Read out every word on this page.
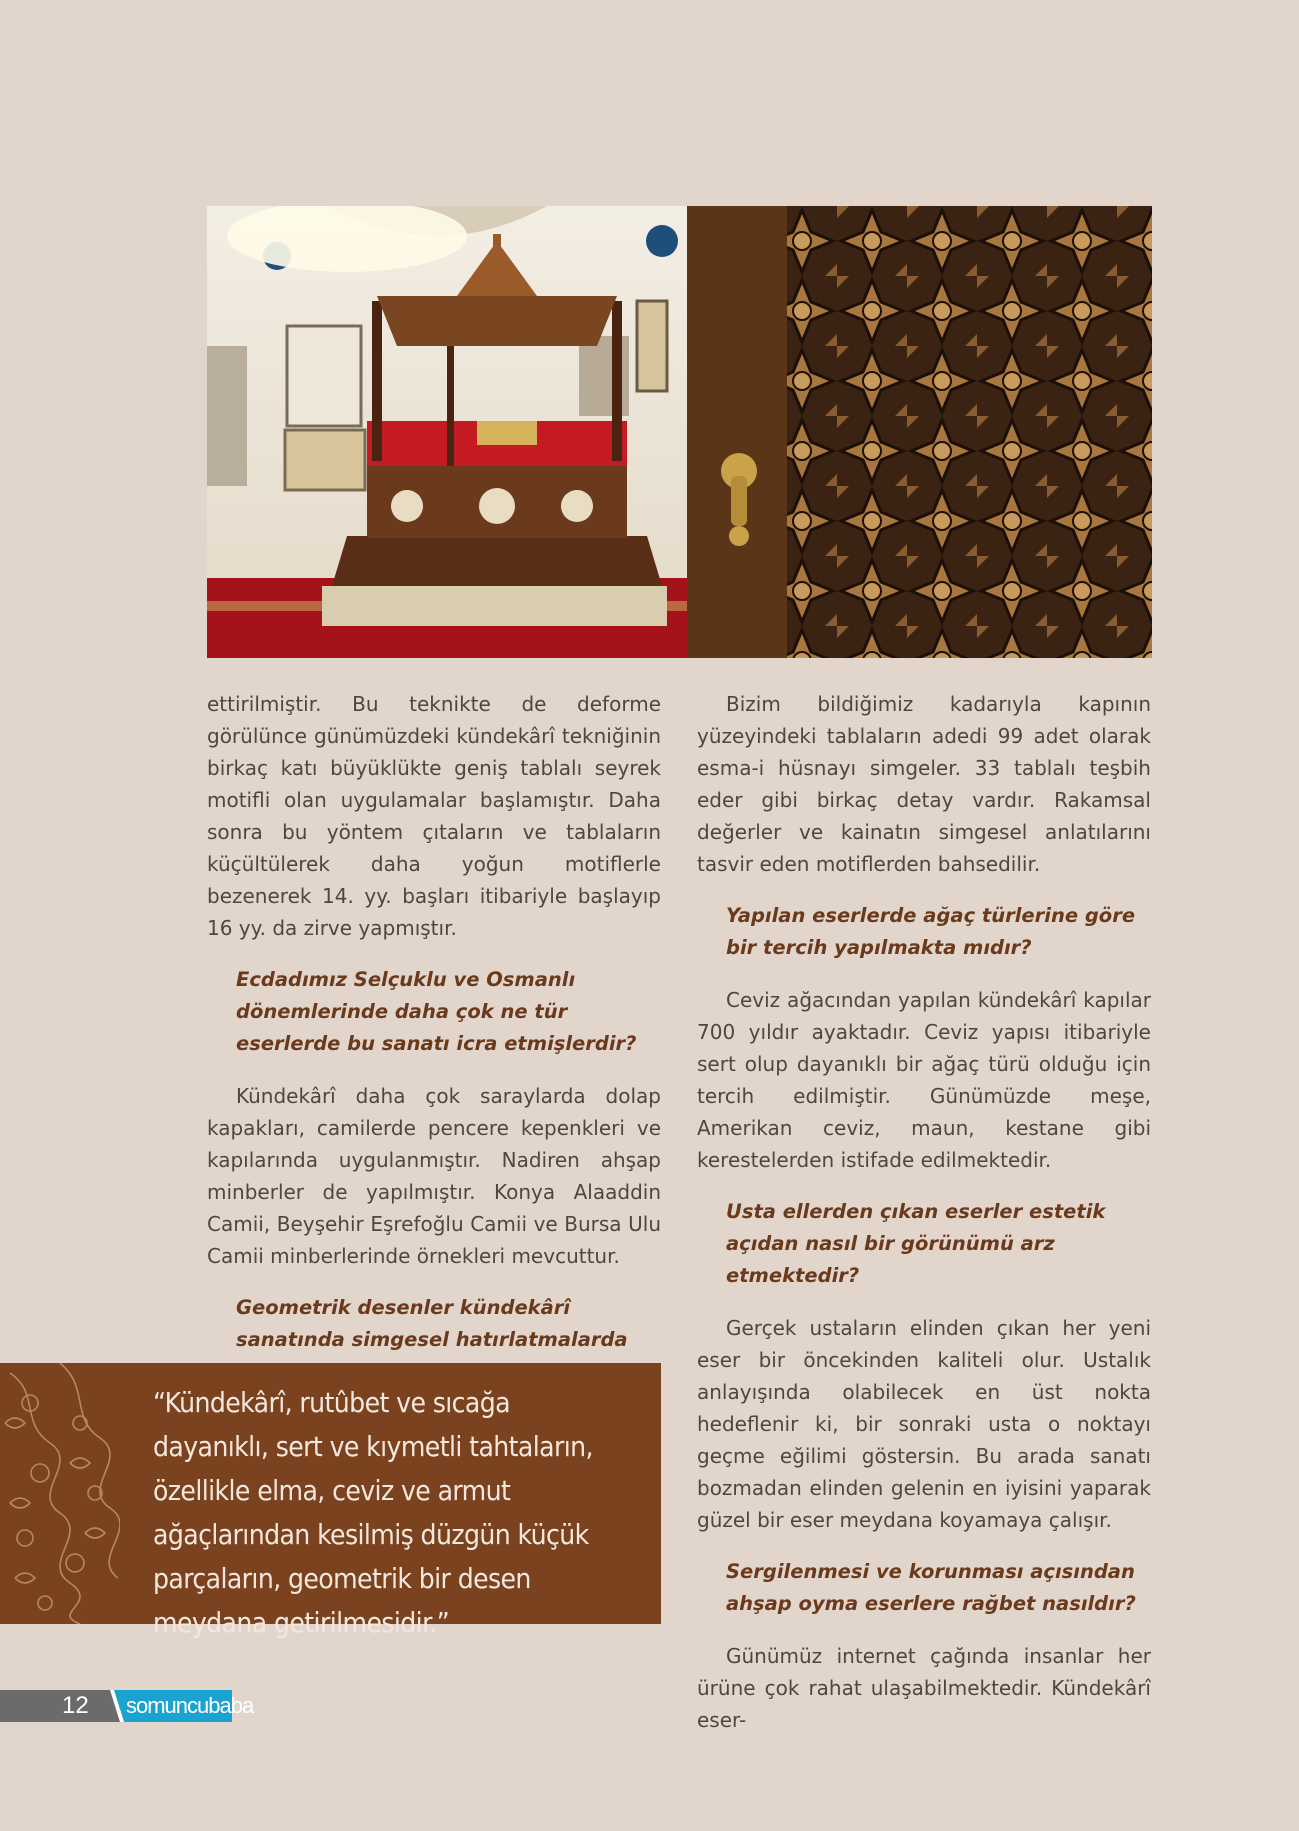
ettirilmiştir. Bu teknikte de deforme görülünce günümüzdeki kündekârî tekniğinin birkaç katı büyüklükte geniş tablalı seyrek motifli olan uygulamalar başlamıştır. Daha sonra bu yöntem çıtaların ve tablaların küçültülerek daha yoğun motiflerle bezenerek 14. yy. başları itibariyle başlayıp 16 yy. da zirve yapmıştır.

Ecdadımız Selçuklu ve Osmanlı dönemlerinde daha çok ne tür eserlerde bu sanatı icra etmişlerdir?

Kündekârî daha çok saraylarda dolap kapakları, camilerde pencere kepenkleri ve kapılarında uygulanmıştır. Nadiren ahşap minberler de yapılmıştır. Konya Alaaddin Camii, Beyşehir Eşrefoğlu Camii ve Bursa Ulu Camii minberlerinde örnekleri mevcuttur.

Geometrik desenler kündekârî sanatında simgesel hatırlatmalarda

Bizim bildiğimiz kadarıyla kapının yüzeyindeki tablaların adedi 99 adet olarak esma-i hüsnayı simgeler. 33 tablalı teşbih eder gibi birkaç detay vardır. Rakamsal değerler ve kainatın simgesel anlatılarını tasvir eden motiflerden bahsedilir.

Yapılan eserlerde ağaç türlerine göre bir tercih yapılmakta mıdır?

Ceviz ağacından yapılan kündekârî kapılar 700 yıldır ayaktadır. Ceviz yapısı itibariyle sert olup dayanıklı bir ağaç türü olduğu için tercih edilmiştir. Günümüzde meşe, Amerikan ceviz, maun, kestane gibi kerestelerden istifade edilmektedir.

Usta ellerden çıkan eserler estetik açıdan nasıl bir görünümü arz etmektedir?

Gerçek ustaların elinden çıkan her yeni eser bir öncekinden kaliteli olur. Ustalık anlayışında olabilecek en üst nokta hedeflenir ki, bir sonraki usta o noktayı geçme eğilimi göstersin. Bu arada sanatı bozmadan elinden gelenin en iyisini yaparak güzel bir eser meydana koyamaya çalışır.

Sergilenmesi ve korunması açısından ahşap oyma eserlere rağbet nasıldır?

Günümüz internet çağında insanlar her ürüne çok rahat ulaşabilmektedir. Kündekârî eser-

“Kündekârî, rutûbet ve sıcağa dayanıklı, sert ve kıymetli tahtaların, özellikle elma, ceviz ve armut ağaçlarından kesilmiş düzgün küçük parçaların, geometrik bir desen meydana getirilmesidir.”
12 somuncubaba
